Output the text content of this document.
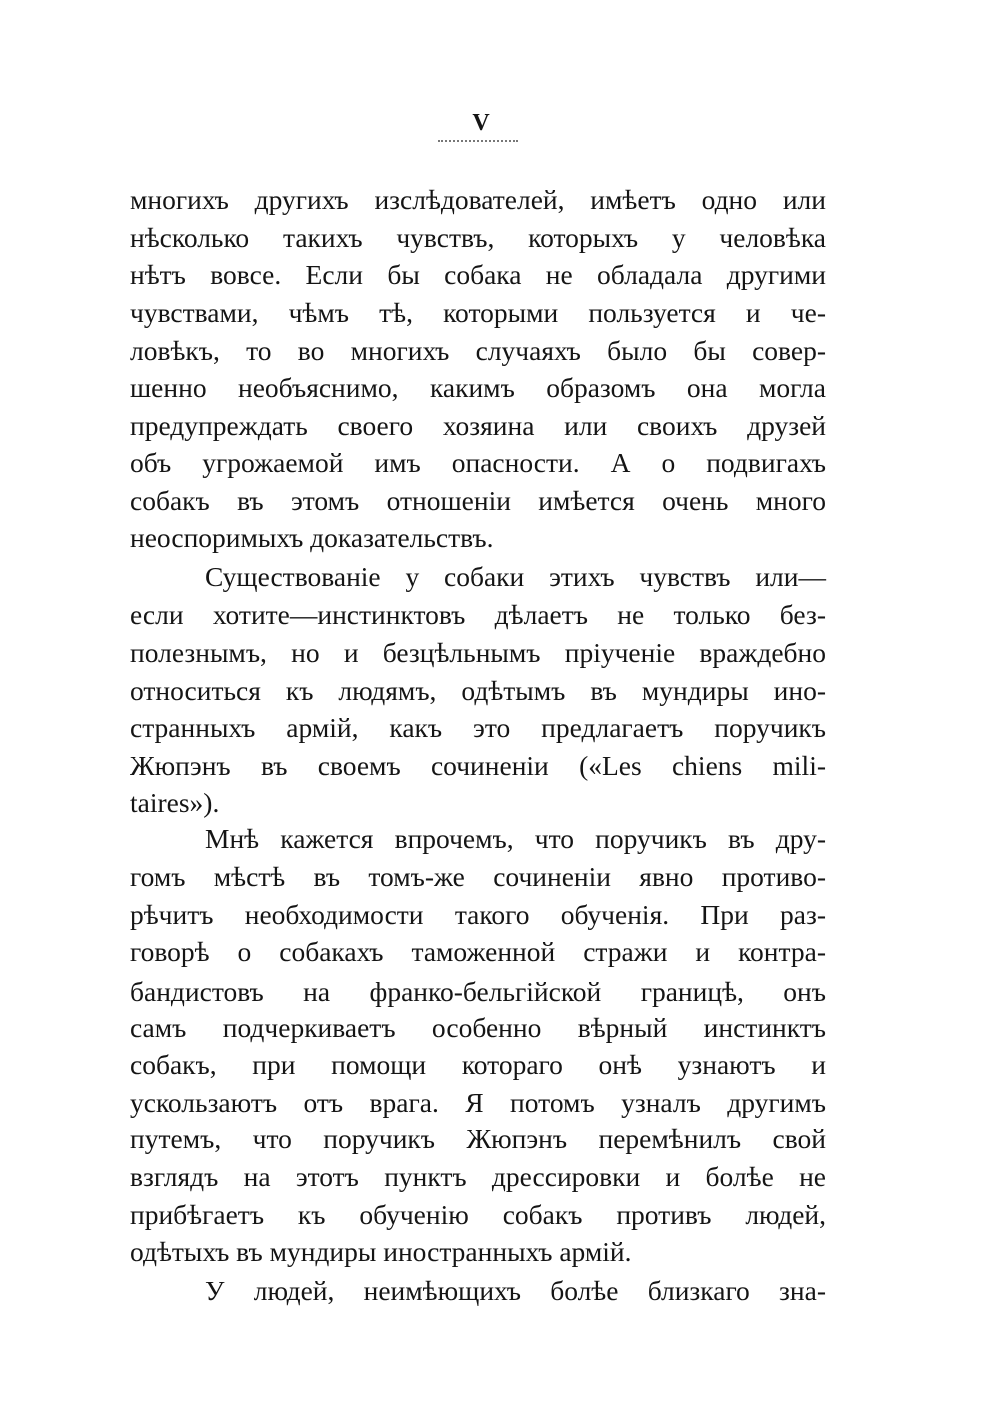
V
многихъ другихъ изслѣдователей, имѣетъ одно или
нѣсколько такихъ чувствъ, которыхъ у человѣка
нѣтъ вовсе. Если бы собака не обладала другими
чувствами, чѣмъ тѣ, которыми пользуется и че-
ловѣкъ, то во многихъ случаяхъ было бы совер-
шенно необъяснимо, какимъ образомъ она могла
предупреждать своего хозяина или своихъ друзей
объ угрожаемой имъ опасности. А о подвигахъ
собакъ въ этомъ отношеніи имѣется очень много
неоспоримыхъ доказательствъ.
Существованіе у собаки этихъ чувствъ или—
если хотите—инстинктовъ дѣлаетъ не только без-
полезнымъ, но и безцѣльнымъ пріученіе враждебно
относиться къ людямъ, одѣтымъ въ мундиры ино-
странныхъ армій, какъ это предлагаетъ поручикъ
Жюпэнъ въ своемъ сочиненіи («Les chiens mili-
taires»).
Мнѣ кажется впрочемъ, что поручикъ въ дру-
гомъ мѣстѣ въ томъ-же сочиненіи явно противо-
рѣчитъ необходимости такого обученія. При раз-
говорѣ о собакахъ таможенной стражи и контра-
бандистовъ на франко-бельгійской границѣ, онъ
самъ подчеркиваетъ особенно вѣрный инстинктъ
собакъ, при помощи котораго онѣ узнаютъ и
ускользаютъ отъ врага. Я потомъ узналъ другимъ
путемъ, что поручикъ Жюпэнъ перемѣнилъ свой
взглядъ на этотъ пунктъ дрессировки и болѣе не
прибѣгаетъ къ обученію собакъ противъ людей,
одѣтыхъ въ мундиры иностранныхъ армій.
У людей, неимѣющихъ болѣе близкаго зна-
